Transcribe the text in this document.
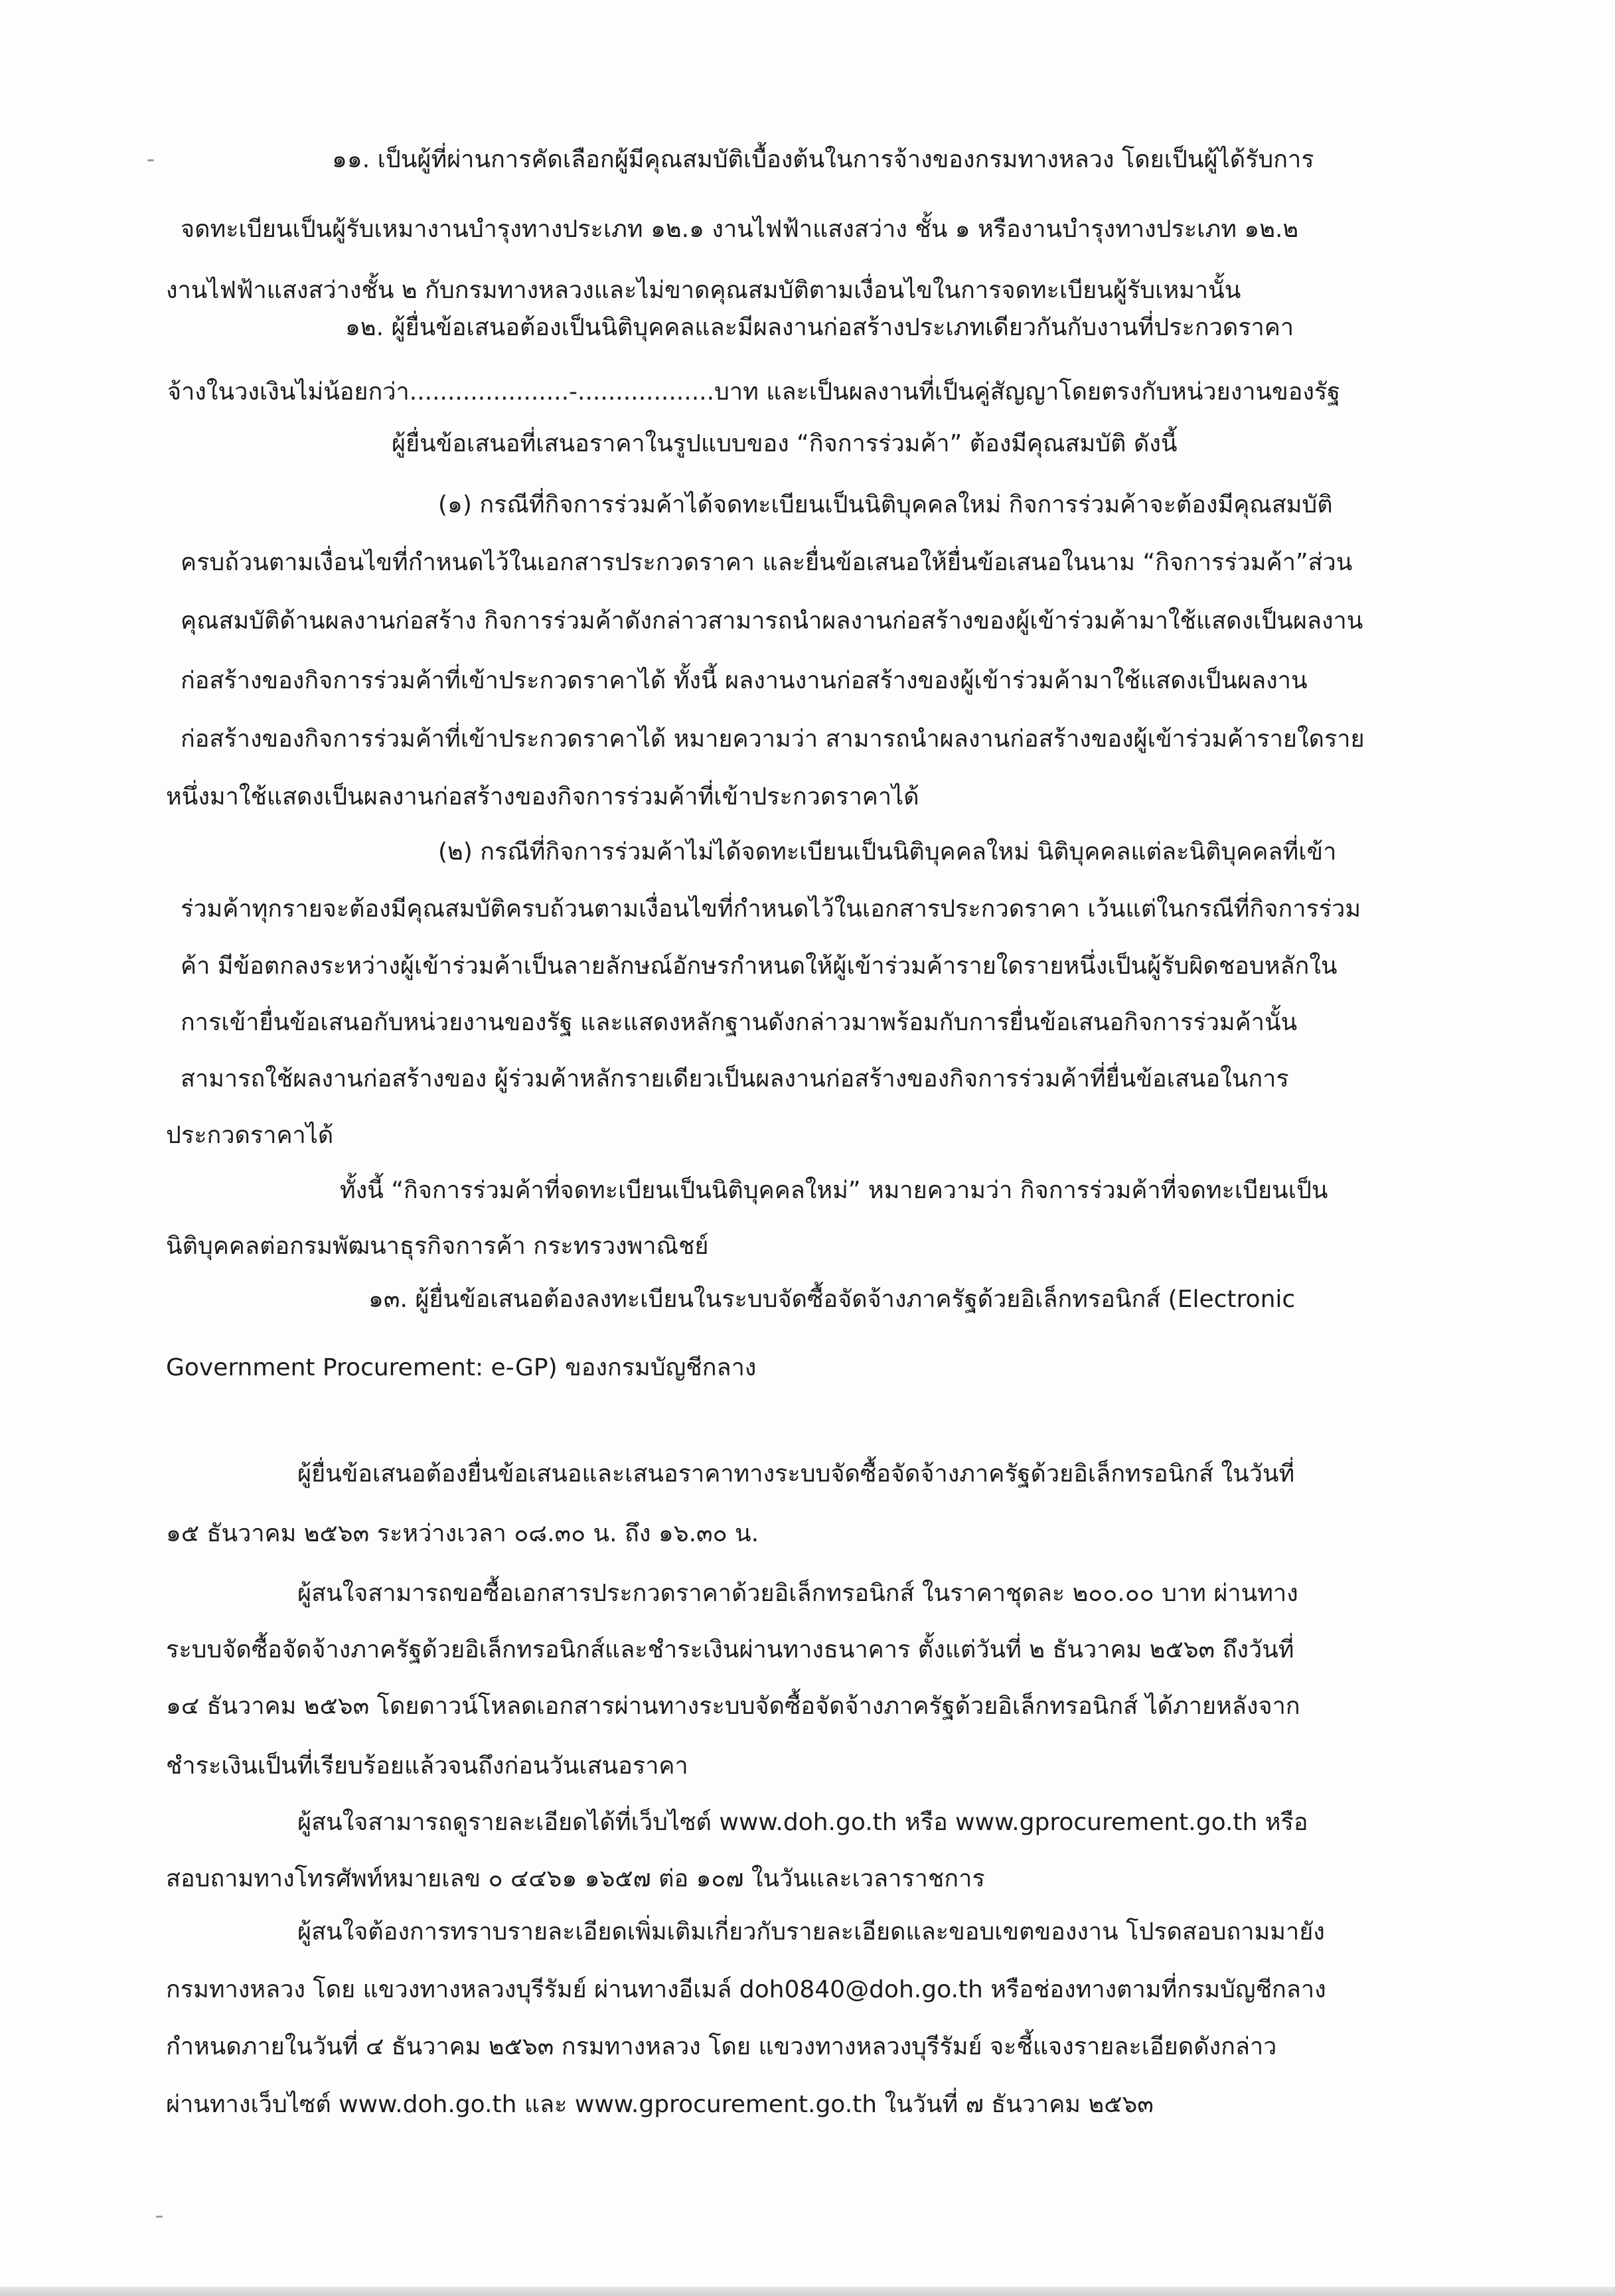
๑๑. เป็นผู้ที่ผ่านการคัดเลือกผู้มีคุณสมบัติเบื้องต้นในการจ้างของกรมทางหลวง โดยเป็นผู้ได้รับการ

จดทะเบียนเป็นผู้รับเหมางานบำรุงทางประเภท ๑๒.๑ งานไฟฟ้าแสงสว่าง ชั้น ๑ หรืองานบำรุงทางประเภท ๑๒.๒

งานไฟฟ้าแสงสว่างชั้น ๒ กับกรมทางหลวงและไม่ขาดคุณสมบัติตามเงื่อนไขในการจดทะเบียนผู้รับเหมานั้น

๑๒. ผู้ยื่นข้อเสนอต้องเป็นนิติบุคคลและมีผลงานก่อสร้างประเภทเดียวกันกับงานที่ประกวดราคา

จ้างในวงเงินไม่น้อยกว่า.....................-..................บาท และเป็นผลงานที่เป็นคู่สัญญาโดยตรงกับหน่วยงานของรัฐ

ผู้ยื่นข้อเสนอที่เสนอราคาในรูปแบบของ “กิจการร่วมค้า” ต้องมีคุณสมบัติ ดังนี้

(๑) กรณีที่กิจการร่วมค้าได้จดทะเบียนเป็นนิติบุคคลใหม่ กิจการร่วมค้าจะต้องมีคุณสมบัติ

ครบถ้วนตามเงื่อนไขที่กำหนดไว้ในเอกสารประกวดราคา และยื่นข้อเสนอให้ยื่นข้อเสนอในนาม “กิจการร่วมค้า”ส่วน

คุณสมบัติด้านผลงานก่อสร้าง กิจการร่วมค้าดังกล่าวสามารถนำผลงานก่อสร้างของผู้เข้าร่วมค้ามาใช้แสดงเป็นผลงาน

ก่อสร้างของกิจการร่วมค้าที่เข้าประกวดราคาได้ ทั้งนี้ ผลงานงานก่อสร้างของผู้เข้าร่วมค้ามาใช้แสดงเป็นผลงาน

ก่อสร้างของกิจการร่วมค้าที่เข้าประกวดราคาได้ หมายความว่า สามารถนำผลงานก่อสร้างของผู้เข้าร่วมค้ารายใดราย

หนึ่งมาใช้แสดงเป็นผลงานก่อสร้างของกิจการร่วมค้าที่เข้าประกวดราคาได้

(๒) กรณีที่กิจการร่วมค้าไม่ได้จดทะเบียนเป็นนิติบุคคลใหม่ นิติบุคคลแต่ละนิติบุคคลที่เข้า

ร่วมค้าทุกรายจะต้องมีคุณสมบัติครบถ้วนตามเงื่อนไขที่กำหนดไว้ในเอกสารประกวดราคา เว้นแต่ในกรณีที่กิจการร่วม

ค้า มีข้อตกลงระหว่างผู้เข้าร่วมค้าเป็นลายลักษณ์อักษรกำหนดให้ผู้เข้าร่วมค้ารายใดรายหนึ่งเป็นผู้รับผิดชอบหลักใน

การเข้ายื่นข้อเสนอกับหน่วยงานของรัฐ และแสดงหลักฐานดังกล่าวมาพร้อมกับการยื่นข้อเสนอกิจการร่วมค้านั้น

สามารถใช้ผลงานก่อสร้างของ ผู้ร่วมค้าหลักรายเดียวเป็นผลงานก่อสร้างของกิจการร่วมค้าที่ยื่นข้อเสนอในการ

ประกวดราคาได้

ทั้งนี้ “กิจการร่วมค้าที่จดทะเบียนเป็นนิติบุคคลใหม่” หมายความว่า กิจการร่วมค้าที่จดทะเบียนเป็น

นิติบุคคลต่อกรมพัฒนาธุรกิจการค้า กระทรวงพาณิชย์

๑๓. ผู้ยื่นข้อเสนอต้องลงทะเบียนในระบบจัดซื้อจัดจ้างภาครัฐด้วยอิเล็กทรอนิกส์ (Electronic

Government Procurement: e-GP) ของกรมบัญชีกลาง

ผู้ยื่นข้อเสนอต้องยื่นข้อเสนอและเสนอราคาทางระบบจัดซื้อจัดจ้างภาครัฐด้วยอิเล็กทรอนิกส์ ในวันที่

๑๕ ธันวาคม ๒๕๖๓ ระหว่างเวลา ๐๘.๓๐ น. ถึง ๑๖.๓๐ น.

ผู้สนใจสามารถขอซื้อเอกสารประกวดราคาด้วยอิเล็กทรอนิกส์ ในราคาชุดละ ๒๐๐.๐๐ บาท ผ่านทาง

ระบบจัดซื้อจัดจ้างภาครัฐด้วยอิเล็กทรอนิกส์และชำระเงินผ่านทางธนาคาร ตั้งแต่วันที่ ๒ ธันวาคม ๒๕๖๓ ถึงวันที่

๑๔ ธันวาคม ๒๕๖๓ โดยดาวน์โหลดเอกสารผ่านทางระบบจัดซื้อจัดจ้างภาครัฐด้วยอิเล็กทรอนิกส์ ได้ภายหลังจาก

ชำระเงินเป็นที่เรียบร้อยแล้วจนถึงก่อนวันเสนอราคา

ผู้สนใจสามารถดูรายละเอียดได้ที่เว็บไซต์ www.doh.go.th หรือ www.gprocurement.go.th หรือ

สอบถามทางโทรศัพท์หมายเลข ๐ ๔๔๖๑ ๑๖๕๗ ต่อ ๑๐๗ ในวันและเวลาราชการ

ผู้สนใจต้องการทราบรายละเอียดเพิ่มเติมเกี่ยวกับรายละเอียดและขอบเขตของงาน โปรดสอบถามมายัง

กรมทางหลวง โดย แขวงทางหลวงบุรีรัมย์ ผ่านทางอีเมล์ doh0840@doh.go.th หรือช่องทางตามที่กรมบัญชีกลาง

กำหนดภายในวันที่ ๔ ธันวาคม ๒๕๖๓ กรมทางหลวง โดย แขวงทางหลวงบุรีรัมย์ จะชี้แจงรายละเอียดดังกล่าว

ผ่านทางเว็บไซต์ www.doh.go.th และ www.gprocurement.go.th ในวันที่ ๗ ธันวาคม ๒๕๖๓
